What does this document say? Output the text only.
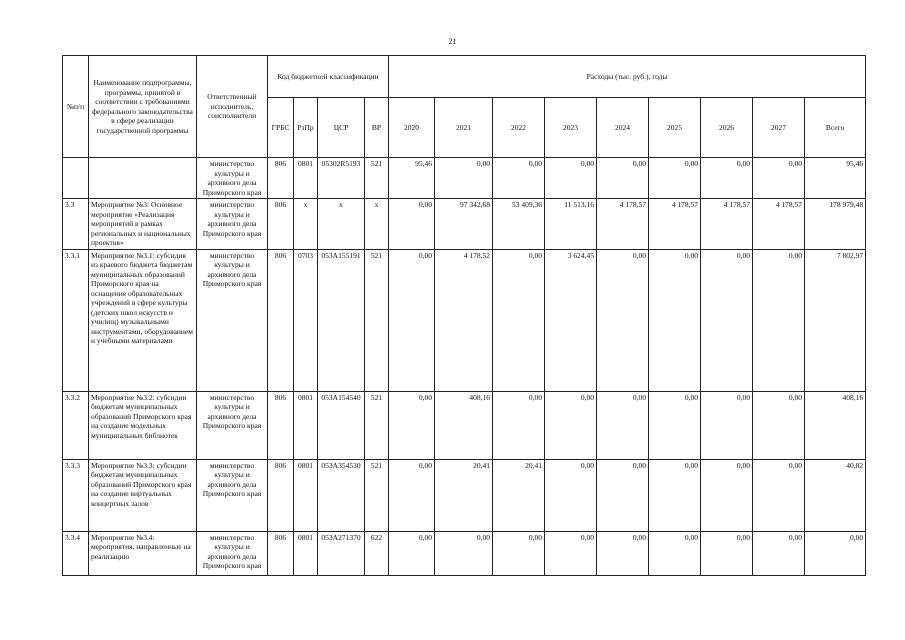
21
№п/п	Наименование подпрограммы, программы, принятой в соответствии с требованиями федерального законодательства в сфере реализации государственной программы	Ответственный исполнитель, соисполнители	Код бюджетной классификации				Расходы (тыс. руб.), годы								
			ГРБС	РзПр	ЦСР	ВР	2020	2021	2022	2023	2024	2025	2026	2027	Всего
		министерство культуры и архивного дела Приморского края	806	0801	05302R5193	521	95,46	0,00	0,00	0,00	0,00	0,00	0,00	0,00	95,46
3.3	Мероприятие №3: Основное мероприятие «Реализация мероприятий в рамках региональных и национальных проектов»	министерство культуры и архивного дела Приморского края	806	x	x	x	0,00	97 342,68	53 409,36	11 513,16	4 178,57	4 178,57	4 178,57	4 178,57	178 979,48
3.3.1	Мероприятие №3.1: субсидия из краевого бюджета бюджетам муниципальных образований Приморского края на оснащение образовательных учреждений в сфере культуры (детских школ искусств и училищ) музыкальными инструментами, оборудованием и учебными материалами	министерство культуры и архивного дела Приморского края	806	0703	053A155191	521	0,00	4 178,52	0,00	3 624,45	0,00	0,00	0,00	0,00	7 802,97
3.3.2	Мероприятие №3.2: субсидии бюджетам муниципальных образований Приморского края на создание модельных муниципальных библиотек	министерство культуры и архивного дела Приморского края	806	0801	053A154540	521	0,00	408,16	0,00	0,00	0,00	0,00	0,00	0,00	408,16
3.3.3	Мероприятие №3.3: субсидии бюджетам муниципальных образований Приморского края на создание виртуальных концертных залов	министерство культуры и архивного дела Приморского края	806	0801	053A354530	521	0,00	20,41	20,41	0,00	0,00	0,00	0,00	0,00	40,82
3.3.4	Мероприятие №3.4: мероприятия, направленные на реализацию	министерство культуры и архивного дела Приморского края	806	0801	053A271370	622	0,00	0,00	0,00	0,00	0,00	0,00	0,00	0,00	0,00
